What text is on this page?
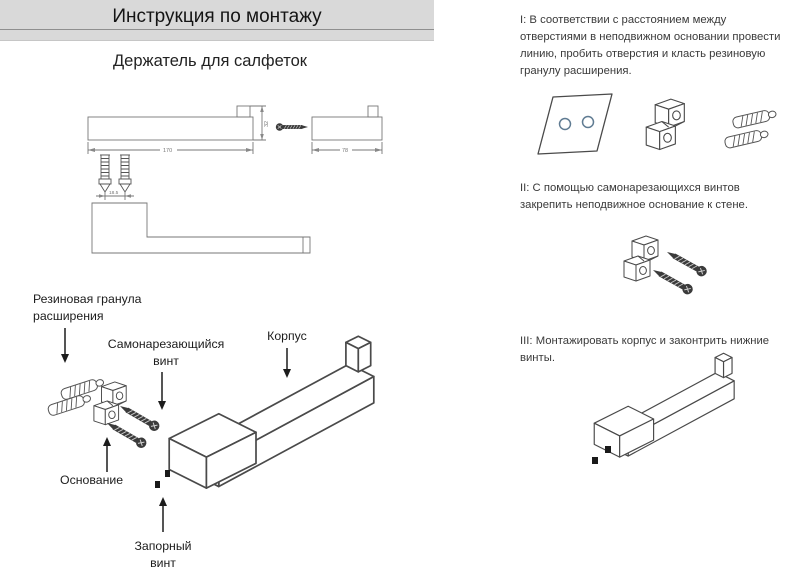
Инструкция по монтажу
Держатель для салфеток
170
32
78
18.5
Резиновая гранула
расширения
Самонарезающийся
винт
Корпус
Основание
Запорный
винт
I: В соответствии с расстоянием между отверстиями в неподвижном основании провести линию, пробить отверстия и класть резиновую гранулу расширения.
II: С помощью самонарезающихся винтов закрепить неподвижное основание к стене.
III: Монтажировать корпус и законтрить нижние винты.
